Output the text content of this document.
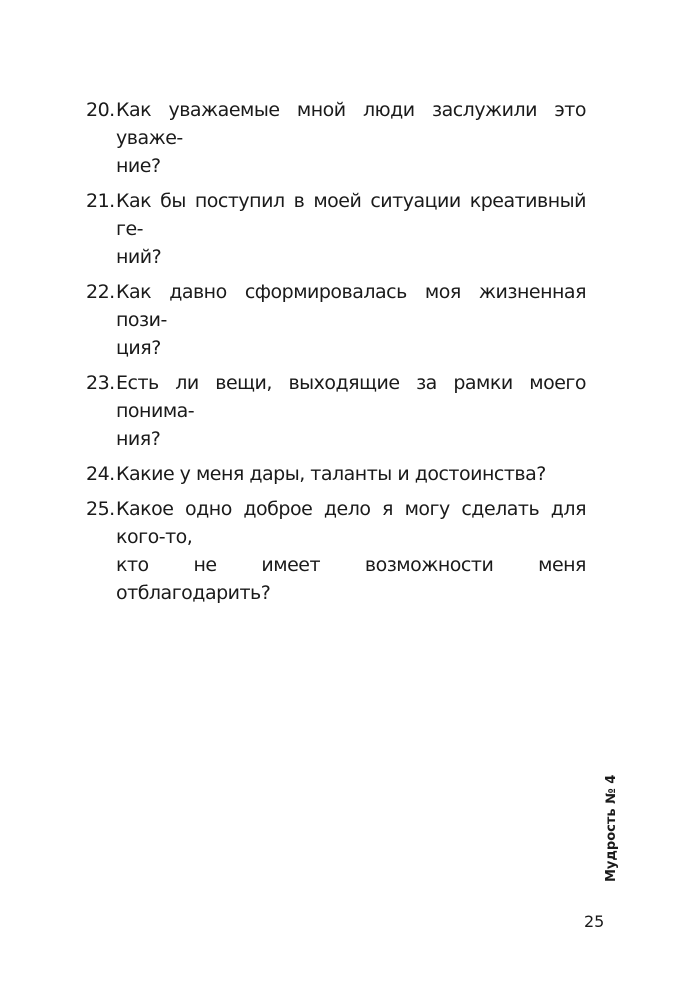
20. Как уважаемые мной люди заслужили это уваже-
ние?
21. Как бы поступил в моей ситуации креативный ге-
ний?
22. Как давно сформировалась моя жизненная пози-
ция?
23. Есть ли вещи, выходящие за рамки моего понима-
ния?
24. Какие у меня дары, таланты и достоинства?
25. Какое одно доброе дело я могу сделать для кого-то,
кто не имеет возможности меня отблагодарить?
Мудрость № 4
25
